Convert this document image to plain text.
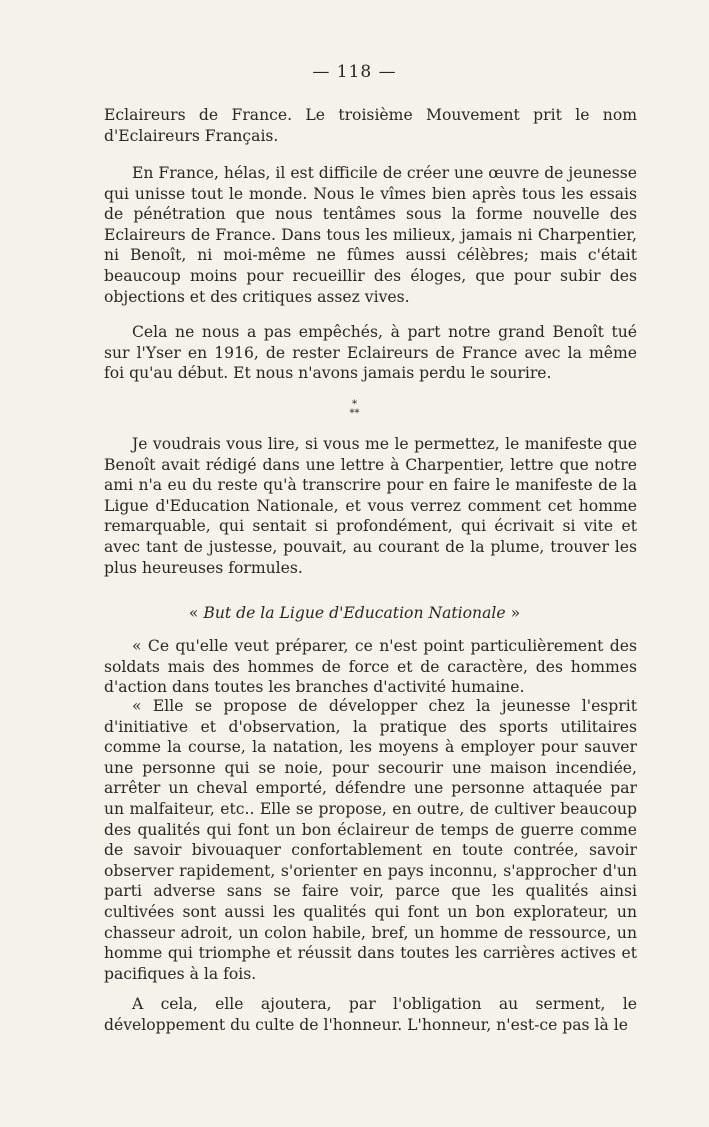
— 118 —

Eclaireurs de France. Le troisième Mouvement prit le nom d'Eclaireurs Français.

En France, hélas, il est difficile de créer une œuvre de jeunesse qui unisse tout le monde. Nous le vîmes bien après tous les essais de pénétration que nous tentâmes sous la forme nouvelle des Eclaireurs de France. Dans tous les milieux, jamais ni Charpentier, ni Benoît, ni moi-même ne fûmes aussi célèbres; mais c'était beaucoup moins pour recueillir des éloges, que pour subir des objections et des critiques assez vives.

Cela ne nous a pas empêchés, à part notre grand Benoît tué sur l'Yser en 1916, de rester Eclaireurs de France avec la même foi qu'au début. Et nous n'avons jamais perdu le sourire.

*
**

Je voudrais vous lire, si vous me le permettez, le manifeste que Benoît avait rédigé dans une lettre à Charpentier, lettre que notre ami n'a eu du reste qu'à transcrire pour en faire le manifeste de la Ligue d'Education Nationale, et vous verrez comment cet homme remarquable, qui sentait si profondément, qui écrivait si vite et avec tant de justesse, pouvait, au courant de la plume, trouver les plus heureuses formules.

« But de la Ligue d'Education Nationale »

« Ce qu'elle veut préparer, ce n'est point particulièrement des soldats mais des hommes de force et de caractère, des hommes d'action dans toutes les branches d'activité humaine.

« Elle se propose de développer chez la jeunesse l'esprit d'initiative et d'observation, la pratique des sports utilitaires comme la course, la natation, les moyens à employer pour sauver une personne qui se noie, pour secourir une maison incendiée, arrêter un cheval emporté, défendre une personne attaquée par un malfaiteur, etc.. Elle se propose, en outre, de cultiver beaucoup des qualités qui font un bon éclaireur de temps de guerre comme de savoir bivouaquer confortablement en toute contrée, savoir observer rapidement, s'orienter en pays inconnu, s'approcher d'un parti adverse sans se faire voir, parce que les qualités ainsi cultivées sont aussi les qualités qui font un bon explorateur, un chasseur adroit, un colon habile, bref, un homme de ressource, un homme qui triomphe et réussit dans toutes les carrières actives et pacifiques à la fois.

A cela, elle ajoutera, par l'obligation au serment, le développement du culte de l'honneur. L'honneur, n'est-ce pas là le
